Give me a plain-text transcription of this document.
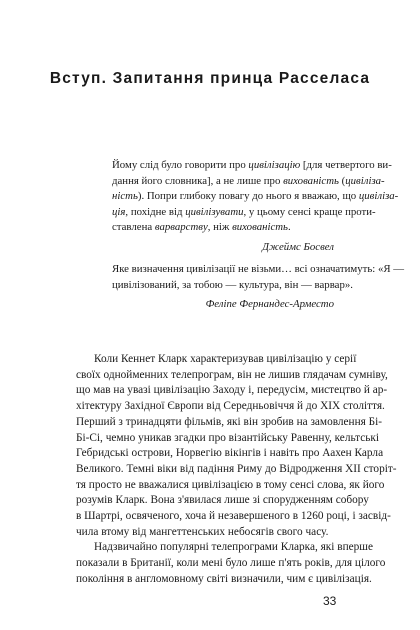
Вступ. Запитання принца Расселаса
Йому слід було говорити про цивілізацію [для четвертого ви-
дання його словника], а не лише про вихованість (цивіліза-
ність). Попри глибоку повагу до нього я вважаю, що цивіліза-
ція, похідне від цивілізувати, у цьому сенсі краще проти-
ставлена варварству, ніж вихованість.
Джеймс Босвел
Яке визначення цивілізації не візьми… всі означатимуть: «Я —
цивілізований, за тобою — культура, він — варвар».
Феліпе Фернандес-Арместо
Коли Кеннет Кларк характеризував цивілізацію у серії
своїх однойменних телепрограм, він не лишив глядачам сумніву,
що мав на увазі цивілізацію Заходу і, передусім, мистецтво й ар-
хітектуру Західної Європи від Середньовіччя й до XIX століття.
Перший з тринадцяти фільмів, які він зробив на замовлення Бі-
Бі-Сі, чемно уникав згадки про візантійську Равенну, кельтські
Гебридські острови, Норвегію вікінгів і навіть про Аахен Карла
Великого. Темні віки від падіння Риму до Відродження XII сторіт-
тя просто не вважалися цивілізацією в тому сенсі слова, як його
розумів Кларк. Вона з'явилася лише зі спорудженням собору
в Шартрі, освяченого, хоча й незавершеного в 1260 році, і засвід-
чила втому від мангеттенських небосягів свого часу.
Надзвичайно популярні телепрограми Кларка, які вперше
показали в Британії, коли мені було лише п'ять років, для цілого
покоління в англомовному світі визначили, чим є цивілізація.
33
